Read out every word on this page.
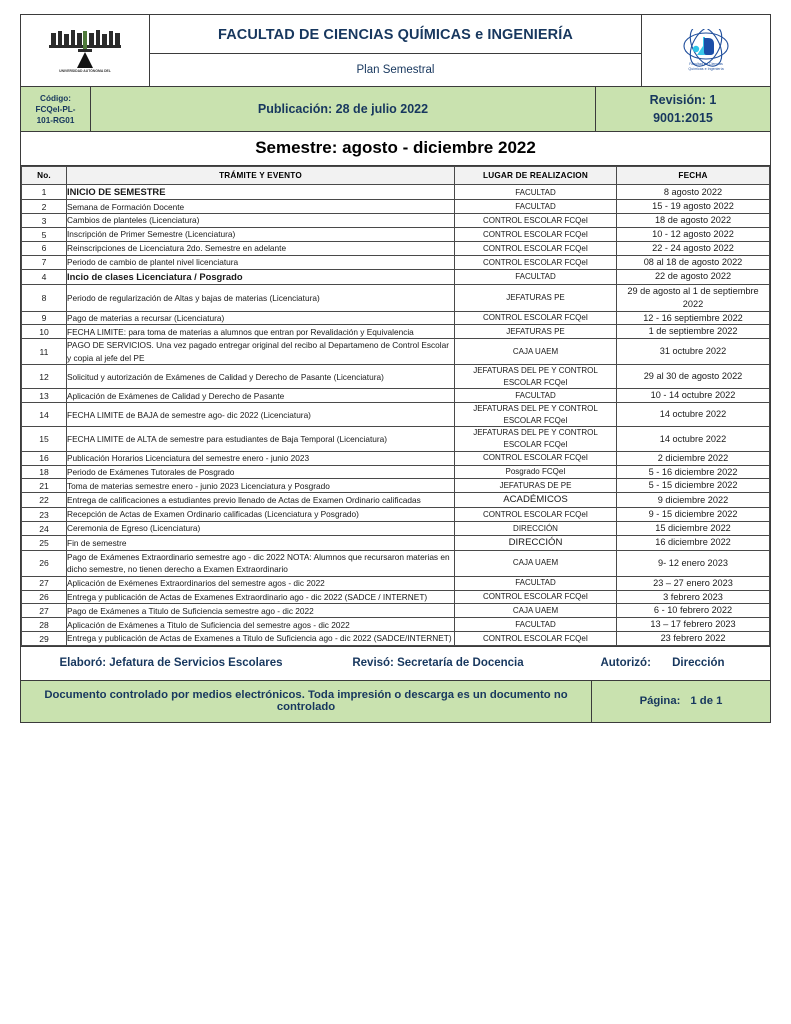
UNIVERSIDAD AUTÓNOMA DEL
FACULTAD DE CIENCIAS QUÍMICAS e INGENIERÍA
Plan Semestral
Facultad de Ciencias
Químicas e Ingeniería
Código:
FCQeI-PL-
101-RG01
Publicación: 28 de julio 2022
Revisión: 1
9001:2015
Semestre: agosto - diciembre 2022
No.	TRÁMITE Y EVENTO	LUGAR DE REALIZACION	FECHA
1	INICIO DE SEMESTRE	FACULTAD	8 agosto 2022
2	Semana de Formación Docente	FACULTAD	15 - 19 agosto 2022
3	Cambios de planteles (Licenciatura)	CONTROL ESCOLAR FCQeI	18 de agosto 2022
5	Inscripción de Primer Semestre (Licenciatura)	CONTROL ESCOLAR FCQeI	10 - 12 agosto 2022
6	Reinscripciones de Licenciatura 2do. Semestre en adelante	CONTROL ESCOLAR FCQeI	22 - 24 agosto 2022
7	Periodo de cambio de plantel nivel licenciatura	CONTROL ESCOLAR FCQeI	08 al 18 de agosto 2022
4	Incio de clases Licenciatura / Posgrado	FACULTAD	22 de agosto 2022
8	Periodo de regularización de Altas y bajas de materias (Licenciatura)	JEFATURAS PE	29 de agosto al 1 de septiembre 2022
9	Pago de materias a recursar (Licenciatura)	CONTROL ESCOLAR FCQeI	12 - 16 septiembre 2022
10	FECHA LIMITE: para toma de materias a alumnos que entran por Revalidación y Equivalencia	JEFATURAS PE	1 de septiembre 2022
11	PAGO DE SERVICIOS. Una vez pagado entregar original del recibo al Departameno de Control Escolar y copia al jefe del PE	CAJA UAEM	31 octubre 2022
12	Solicitud y autorización de Exámenes de Calidad y Derecho de Pasante (Licenciatura)	JEFATURAS DEL PE Y CONTROL ESCOLAR FCQeI	29 al 30 de agosto 2022
13	Aplicación de Exámenes de Calidad y Derecho de Pasante	FACULTAD	10 - 14 octubre 2022
14	FECHA LIMITE de BAJA de semestre ago- dic 2022 (Licenciatura)	JEFATURAS DEL PE Y CONTROL ESCOLAR FCQeI	14 octubre 2022
15	FECHA LIMITE de ALTA de semestre para estudiantes de Baja Temporal (Licenciatura)	JEFATURAS DEL PE Y CONTROL ESCOLAR FCQeI	14 octubre 2022
16	Publicación Horarios Licenciatura del semestre enero - junio 2023	CONTROL ESCOLAR FCQeI	2 diciembre 2022
18	Periodo de Exámenes Tutorales de Posgrado	Posgrado FCQeI	5 - 16 diciembre 2022
21	Toma de materias semestre enero - junio 2023 Licenciatura y Posgrado	JEFATURAS DE PE	5 - 15 diciembre 2022
22	Entrega de calificaciones a estudiantes previo llenado de Actas de Examen Ordinario calificadas	ACADÉMICOS	9 diciembre 2022
23	Recepción de Actas de Examen Ordinario calificadas (Licenciatura y Posgrado)	CONTROL ESCOLAR FCQeI	9 - 15 diciembre 2022
24	Ceremonia de Egreso (Licenciatura)	DIRECCIÓN	15 diciembre 2022
25	Fin de semestre	DIRECCIÓN	16 diciembre 2022
26	Pago de Exámenes Extraordinario semestre ago - dic 2022 NOTA: Alumnos que recursaron materias en dicho semestre, no tienen derecho a Examen Extraordinario	CAJA UAEM	9- 12 enero 2023
27	Aplicación de Exémenes Extraordinarios del semestre agos - dic 2022	FACULTAD	23 – 27 enero 2023
26	Entrega y publicación de Actas de Examenes Extraordinario ago - dic 2022 (SADCE / INTERNET)	CONTROL ESCOLAR FCQeI	3 febrero 2023
27	Pago de Exámenes a Titulo de Suficiencia semestre ago - dic 2022	CAJA UAEM	6 - 10 febrero 2022
28	Aplicación de Exámenes a Titulo de Suficiencia del semestre agos - dic 2022	FACULTAD	13 – 17 febrero 2023
29	Entrega y publicación de Actas de Examenes a Titulo de Suficiencia ago - dic 2022 (SADCE/INTERNET)	CONTROL ESCOLAR FCQeI	23 febrero 2022
Elaboró: Jefatura de Servicios Escolares	Revisó: Secretaría de Docencia	Autorizó: Dirección
Documento controlado por medios electrónicos. Toda impresión o descarga es un documento no controlado	Página: 1 de 1
